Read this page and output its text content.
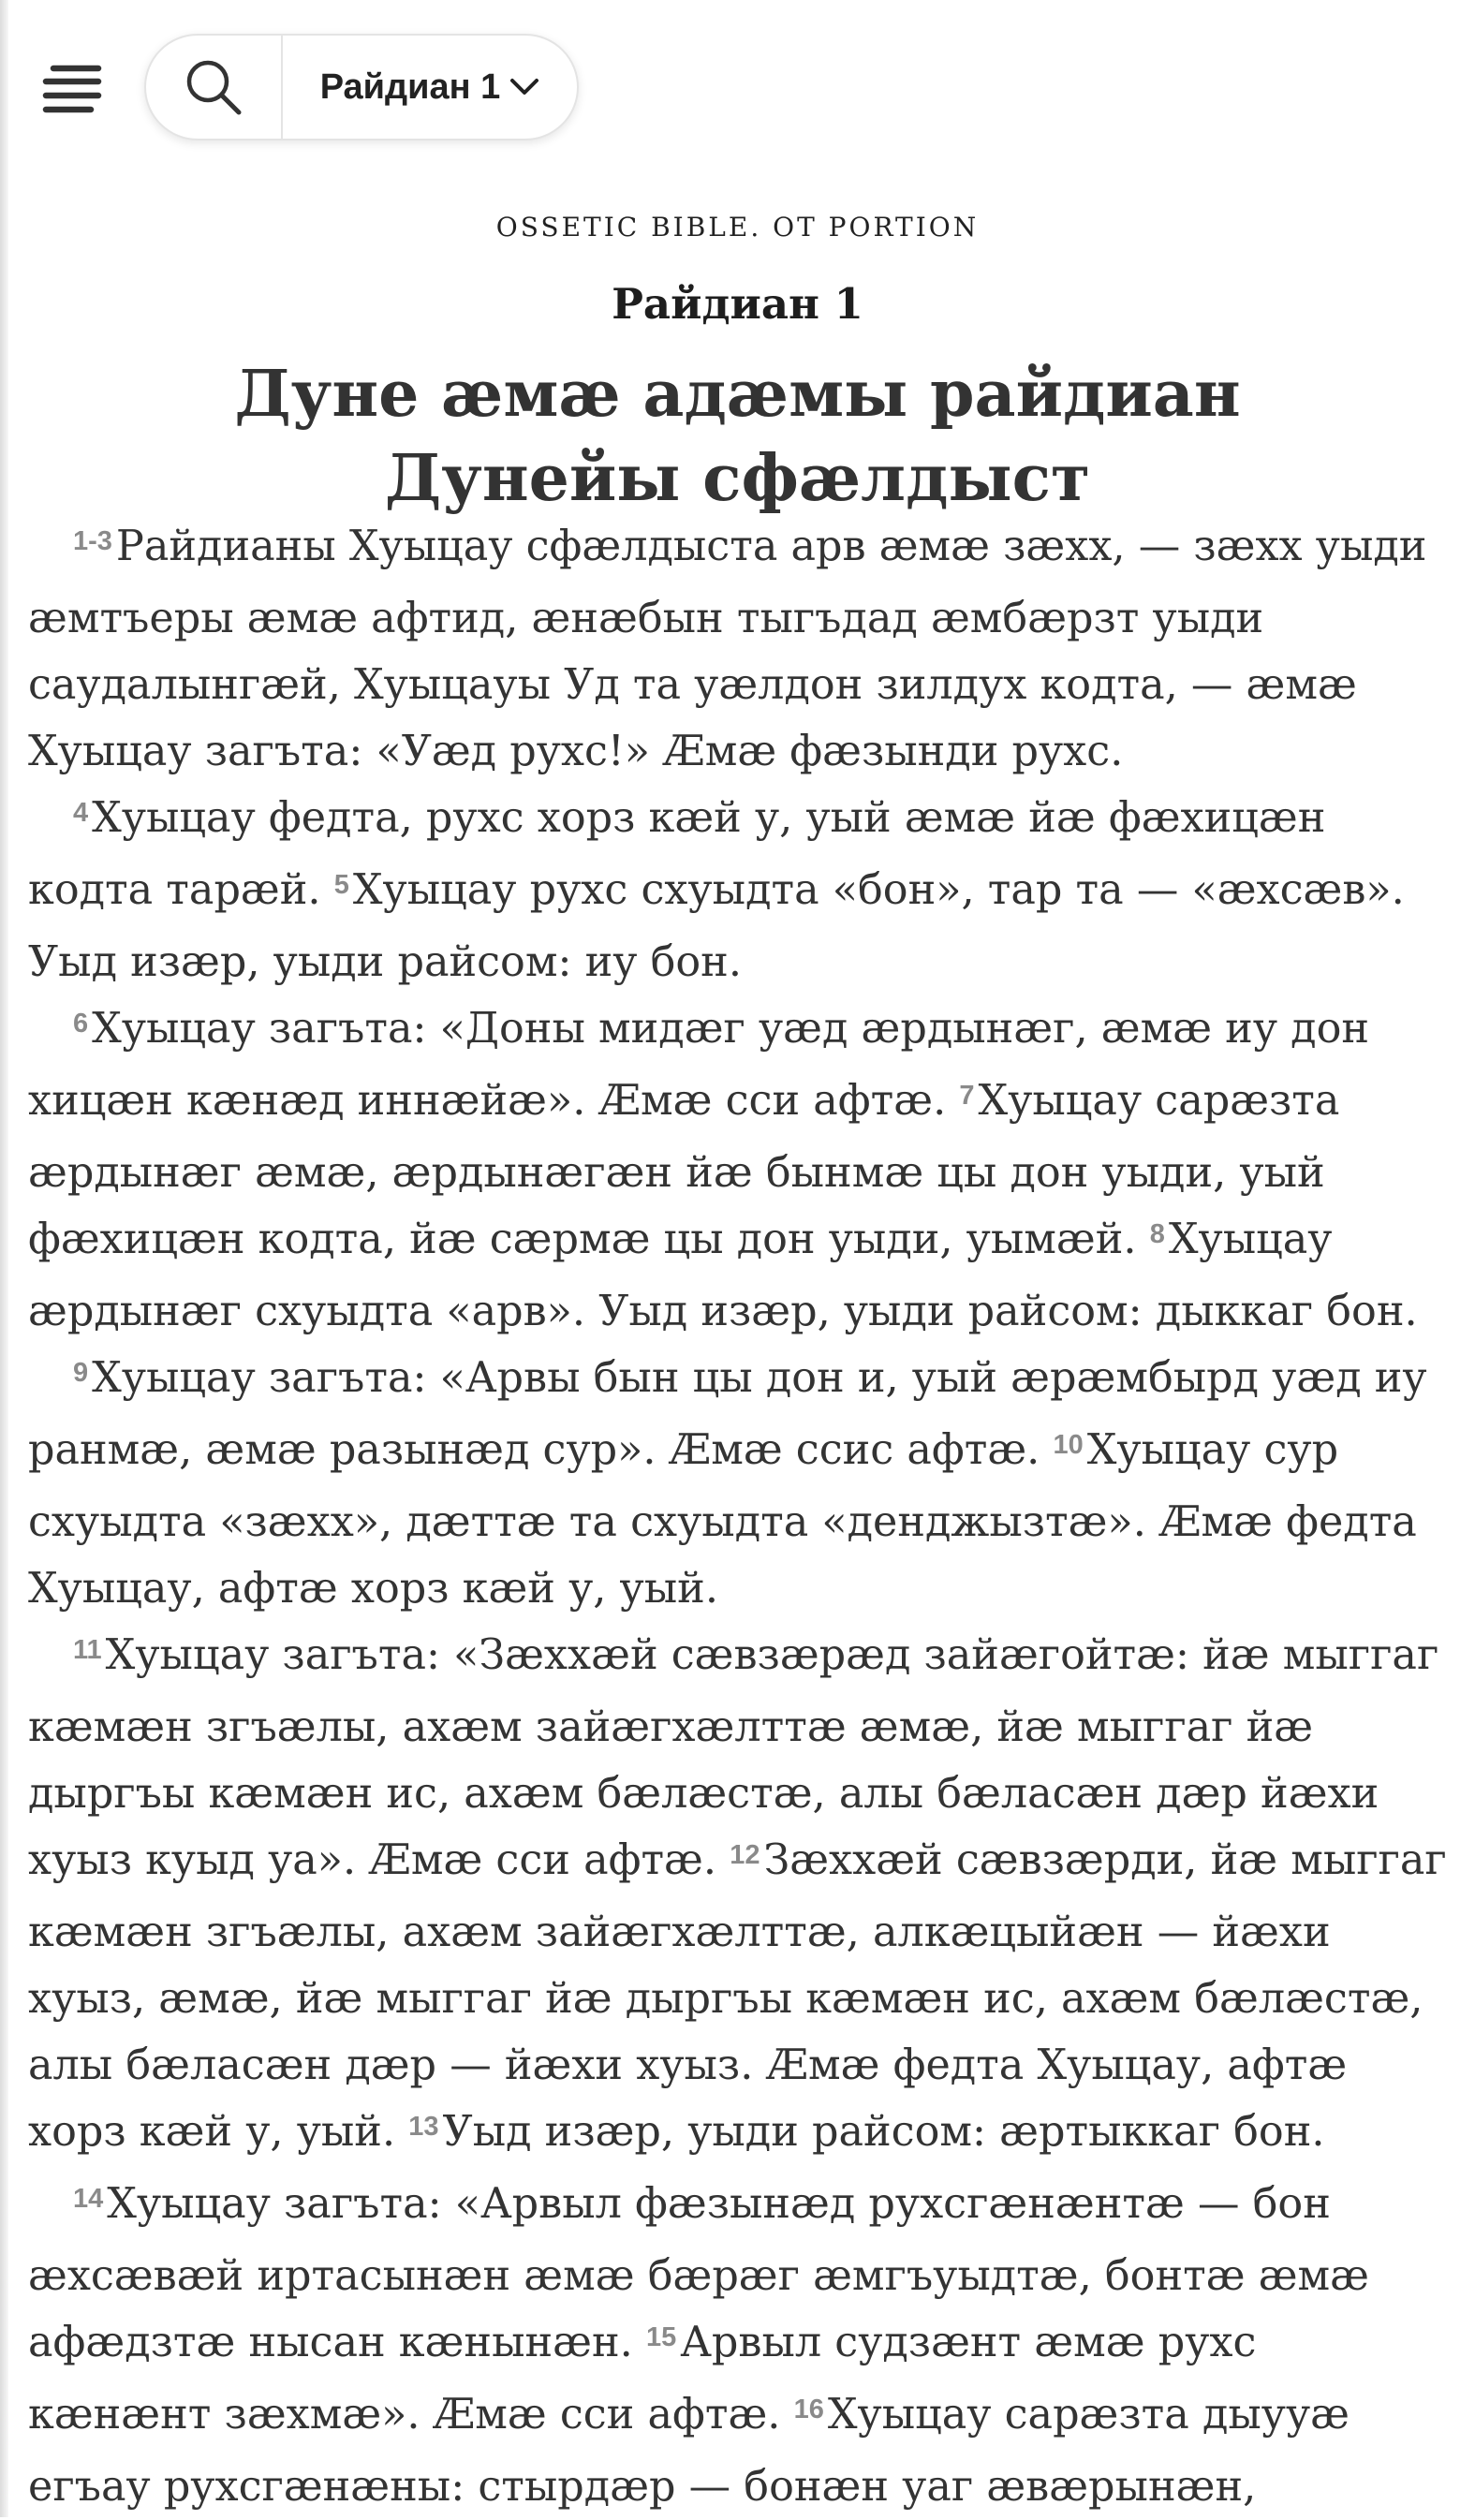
Райдиан 1
OSSETIC BIBLE. OT PORTION
Райдиан 1
Дуне æмæ адæмы райдиан
Дунейы сфæлдыст

$^{1-3}$Райдианы Хуыцау сфæлдыста арв æмæ зæхх, — зæхх уыди æмтъеры æмæ афтид, æнæбын тыгъдад æмбæрзт уыди саудалынгæй, Хуыцауы Уд та уæлдон зилдух кодта, — æмæ Хуыцау загъта: «Уæд рухс!» Æмæ фæзынди рухс.

$^4$Хуыцау федта, рухс хорз кæй у, уый æмæ йæ фæхицæн кодта тарæй. $^5$Хуыцау рухс схуыдта «бон», тар та — «æхсæв». Уыд изæр, уыди райсом: иу бон.

$^6$Хуыцау загъта: «Доны мидæг уæд æрдынæг, æмæ иу дон хицæн кæнæд иннæйæ». Æмæ сси афтæ. $^7$Хуыцау сарæзта æрдынæг æмæ, æрдынæгæн йæ бынмæ цы дон уыди, уый фæхицæн кодта, йæ сæрмæ цы дон уыди, уымæй. $^8$Хуыцау æрдынæг схуыдта «арв». Уыд изæр, уыди райсом: дыккаг бон.

$^9$Хуыцау загъта: «Арвы бын цы дон и, уый æрæмбырд уæд иу ранмæ, æмæ разынæд сур». Æмæ ссис афтæ. $^{10}$Хуыцау сур схуыдта «зæхх», дæттæ та схуыдта «денджызтæ». Æмæ федта Хуыцау, афтæ хорз кæй у, уый.

$^{11}$Хуыцау загъта: «Зæххæй сæвзæрæд зайæгойтæ: йæ мыггаг кæмæн згъæлы, ахæм зайæгхæлттæ æмæ, йæ мыггаг йæ дыргъы кæмæн ис, ахæм бæлæстæ, алы бæласæн дæр йæхи хуыз куыд уа». Æмæ сси афтæ. $^{12}$Зæххæй сæвзæрди, йæ мыггаг кæмæн згъæлы, ахæм зайæгхæлттæ, алкæцыйæн — йæхи хуыз, æмæ, йæ мыггаг йæ дыргъы кæмæн ис, ахæм бæлæстæ, алы бæласæн дæр — йæхи хуыз. Æмæ федта Хуыцау, афтæ хорз кæй у, уый. $^{13}$Уыд изæр, уыди райсом: æртыккаг бон.

$^{14}$Хуыцау загъта: «Арвыл фæзынæд рухсгæнæнтæ — бон æхсæвæй иртасынæн æмæ бæрæг æмгъуыдтæ, бонтæ æмæ афæдзтæ нысан кæнынæн. $^{15}$Арвыл судзæнт æмæ рухс кæнæнт зæхмæ». Æмæ сси афтæ. $^{16}$Хуыцау сарæзта дыууæ егъау рухсгæнæны: стырдæр — бонæн уаг æвæрынæн,
